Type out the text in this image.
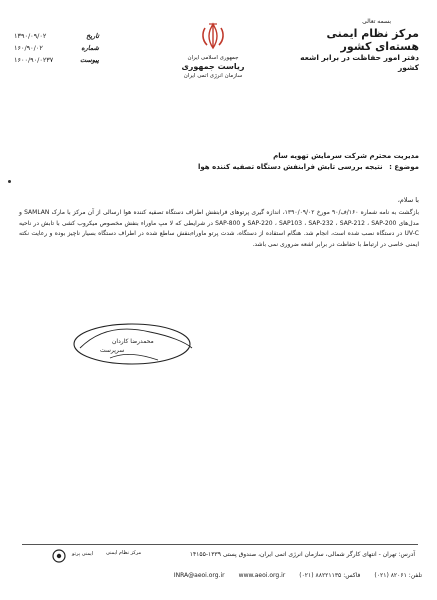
بسمه تعالی
مرکز نظام ایمنی هسته‌ای کشور
دفتر امور حفاظت در برابر اشعه کشور
جمهوری اسلامی ایران
ریاست جمهوری
سازمان انرژی اتمی ایران
تاریخ
۱۳۹۰/۰۹/۰۲
شماره
۱۶۰/۹۰/۰۲
پیوست
۱۶۰۰/۹۰/۰۲۳۷
مدیریت محترم شرکت سرمایش تهویه سام
موضوع : نتیجه بررسی تابش فرابنفش دستگاه تصفیه کننده هوا
با سلام،
بازگشت به نامه شماره ۱۶۰/ف/۹۰ مورخ ۱۳۹۰/۰۹/۰۲، اندازه گیری پرتوهای فرابنفش اطراف دستگاه تصفیه کننده هوا ارسالی از آن مرکز با مارک SAMLAN و مدل‌های SAP-220 ، SAP103 ، SAP-232 ، SAP-212 ، SAP-200 و SAP-800 در شرایطی که لا مپ ماوراء بنفش مخصوص میکروب کشی با تابش در ناحیه UV-C در دستگاه نصب شده است، انجام شد. هنگام استفاده از دستگاه، شدت پرتو ماوراءبنفش ساطع شده در اطراف دستگاه بسیار ناچیز بوده و رعایت نکته ایمنی خاصی در ارتباط با حفاظت در برابر اشعه ضروری نمی باشد.
محمدرضا کاردان
سرپرست
ایمنی پرتو	مرکز نظام ایمنی	آدرس: تهران - انتهای کارگر شمالی، سازمان انرژی اتمی ایران، صندوق پستی ۱۳۳۹-۱۴۱۵۵
تلفن: ۸۲۰۶۱ (۰۲۱)
فاکس: ۸۸۲۲۱۱۳۵ (۰۲۱)
www.aeoi.org.ir
INRA@aeoi.org.ir
